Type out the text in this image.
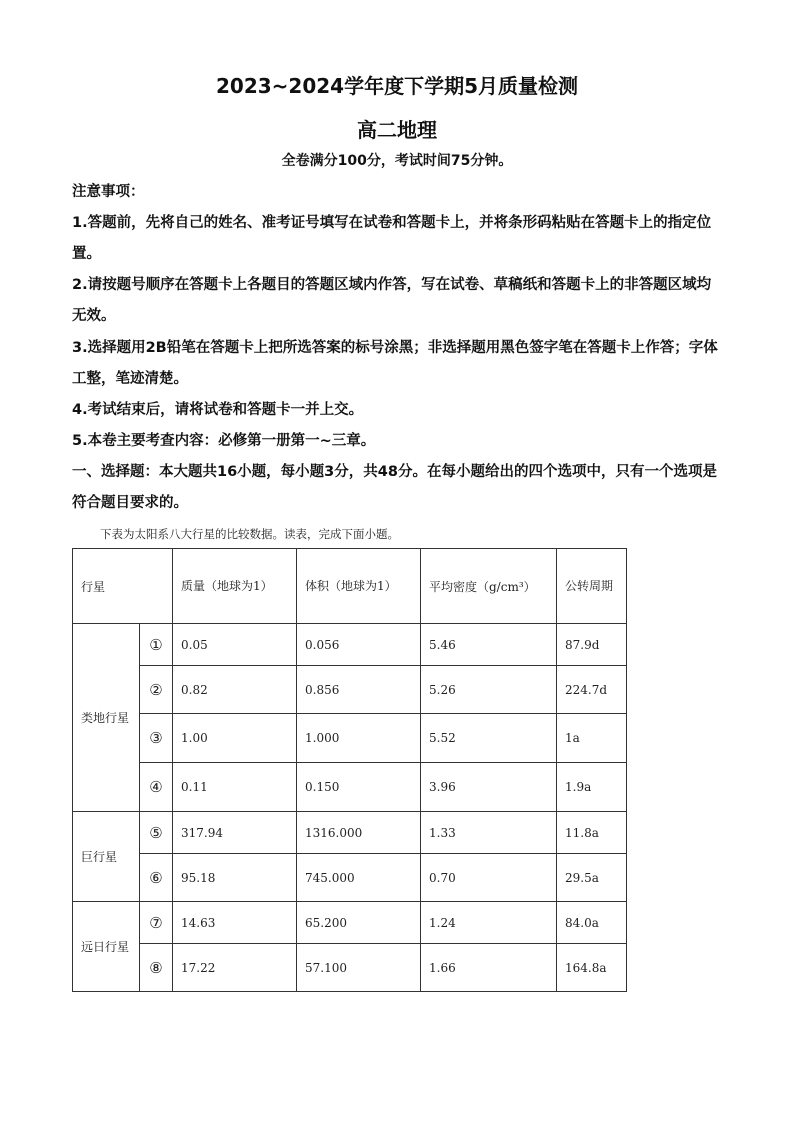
2023~2024学年度下学期5月质量检测
高二地理
全卷满分100分，考试时间75分钟。
注意事项：
1.答题前，先将自己的姓名、准考证号填写在试卷和答题卡上，并将条形码粘贴在答题卡上的指定位置。
2.请按题号顺序在答题卡上各题目的答题区域内作答，写在试卷、草稿纸和答题卡上的非答题区域均无效。
3.选择题用2B铅笔在答题卡上把所选答案的标号涂黑；非选择题用黑色签字笔在答题卡上作答；字体工整，笔迹清楚。
4.考试结束后，请将试卷和答题卡一并上交。
5.本卷主要考查内容：必修第一册第一~三章。
一、选择题：本大题共16小题，每小题3分，共48分。在每小题给出的四个选项中，只有一个选项是符合题目要求的。
下表为太阳系八大行星的比较数据。读表，完成下面小题。
行星		质量（地球为1）	体积（地球为1）	平均密度（g/cm³）	公转周期
类地行星	①	0.05	0.056	5.46	87.9d
	②	0.82	0.856	5.26	224.7d
	③	1.00	1.000	5.52	1a
	④	0.11	0.150	3.96	1.9a
巨行星	⑤	317.94	1316.000	1.33	11.8a
	⑥	95.18	745.000	0.70	29.5a
远日行星	⑦	14.63	65.200	1.24	84.0a
	⑧	17.22	57.100	1.66	164.8a
